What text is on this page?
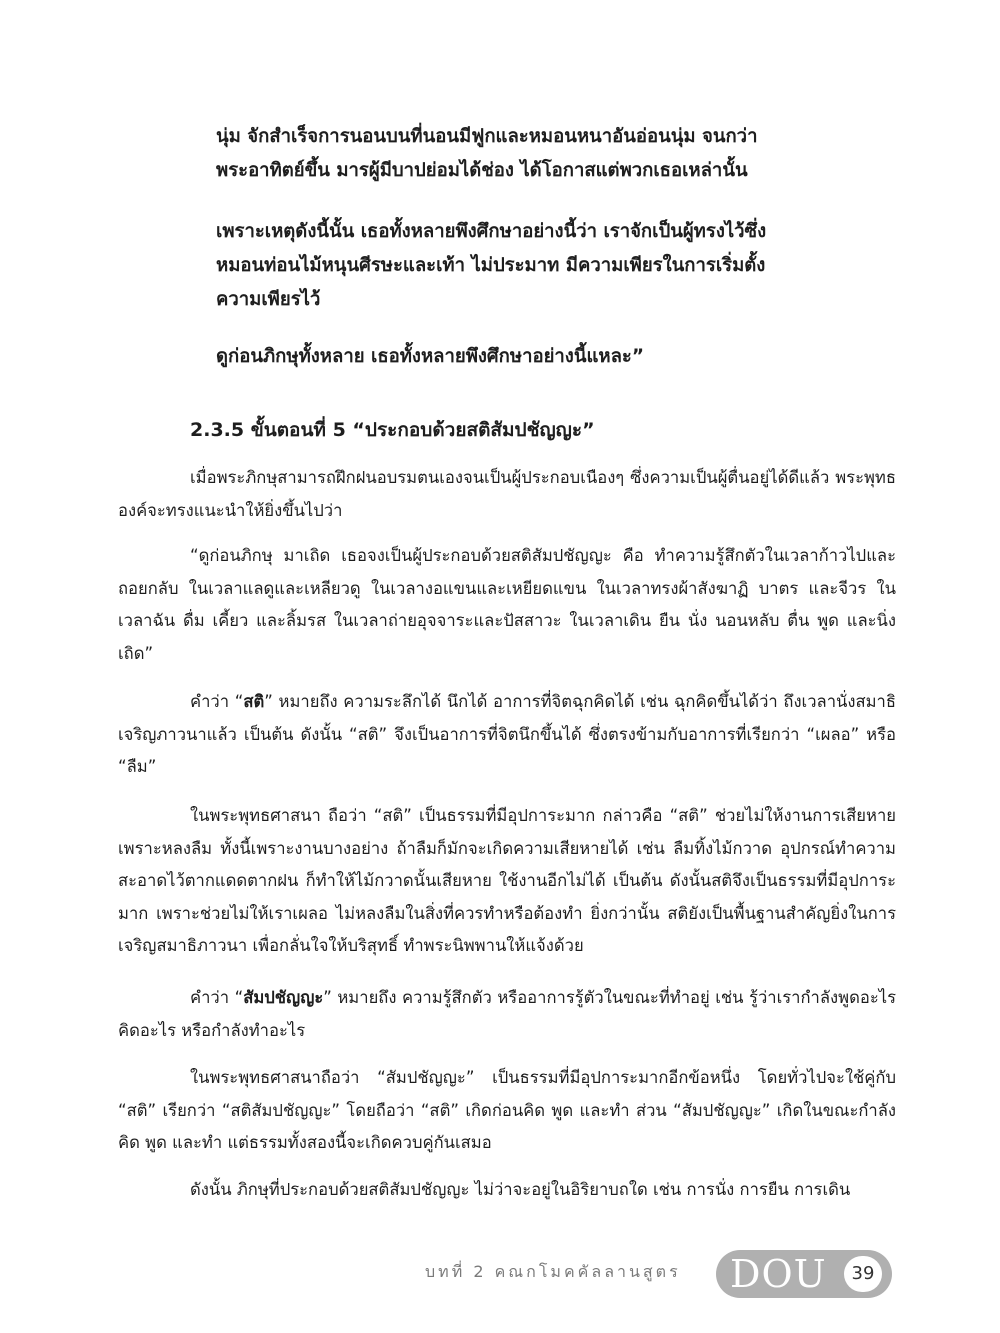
นุ่ม จักสำเร็จการนอนบนที่นอนมีฟูกและหมอนหนาอันอ่อนนุ่ม จนกว่าพระอาทิตย์ขึ้น มารผู้มีบาปย่อมได้ช่อง ได้โอกาสแต่พวกเธอเหล่านั้น

เพราะเหตุดังนี้นั้น เธอทั้งหลายพึงศึกษาอย่างนี้ว่า เราจักเป็นผู้ทรงไว้ซึ่งหมอนท่อนไม้หนุนศีรษะและเท้า ไม่ประมาท มีความเพียรในการเริ่มตั้งความเพียรไว้

ดูก่อนภิกษุทั้งหลาย เธอทั้งหลายพึงศึกษาอย่างนี้แหละ”

2.3.5 ขั้นตอนที่ 5 “ประกอบด้วยสติสัมปชัญญะ”

เมื่อพระภิกษุสามารถฝึกฝนอบรมตนเองจนเป็นผู้ประกอบเนืองๆ ซึ่งความเป็นผู้ตื่นอยู่ได้ดีแล้ว พระพุทธองค์จะทรงแนะนำให้ยิ่งขึ้นไปว่า

“ดูก่อนภิกษุ มาเถิด เธอจงเป็นผู้ประกอบด้วยสติสัมปชัญญะ คือ ทำความรู้สึกตัวในเวลาก้าวไปและถอยกลับ ในเวลาแลดูและเหลียวดู ในเวลางอแขนและเหยียดแขน ในเวลาทรงผ้าสังฆาฏิ บาตร และจีวร ในเวลาฉัน ดื่ม เคี้ยว และลิ้มรส ในเวลาถ่ายอุจจาระและปัสสาวะ ในเวลาเดิน ยืน นั่ง นอนหลับ ตื่น พูด และนิ่งเถิด”

คำว่า “สติ” หมายถึง ความระลึกได้ นึกได้ อาการที่จิตฉุกคิดได้ เช่น ฉุกคิดขึ้นได้ว่า ถึงเวลานั่งสมาธิเจริญภาวนาแล้ว เป็นต้น ดังนั้น “สติ” จึงเป็นอาการที่จิตนึกขึ้นได้ ซึ่งตรงข้ามกับอาการที่เรียกว่า “เผลอ” หรือ “ลืม”

ในพระพุทธศาสนา ถือว่า “สติ” เป็นธรรมที่มีอุปการะมาก กล่าวคือ “สติ” ช่วยไม่ให้งานการเสียหายเพราะหลงลืม ทั้งนี้เพราะงานบางอย่าง ถ้าลืมก็มักจะเกิดความเสียหายได้ เช่น ลืมทิ้งไม้กวาด อุปกรณ์ทำความสะอาดไว้ตากแดดตากฝน ก็ทำให้ไม้กวาดนั้นเสียหาย ใช้งานอีกไม่ได้ เป็นต้น ดังนั้นสติจึงเป็นธรรมที่มีอุปการะมาก เพราะช่วยไม่ให้เราเผลอ ไม่หลงลืมในสิ่งที่ควรทำหรือต้องทำ ยิ่งกว่านั้น สติยังเป็นพื้นฐานสำคัญยิ่งในการเจริญสมาธิภาวนา เพื่อกลั่นใจให้บริสุทธิ์ ทำพระนิพพานให้แจ้งด้วย

คำว่า “สัมปชัญญะ” หมายถึง ความรู้สึกตัว หรืออาการรู้ตัวในขณะที่ทำอยู่ เช่น รู้ว่าเรากำลังพูดอะไร คิดอะไร หรือกำลังทำอะไร

ในพระพุทธศาสนาถือว่า “สัมปชัญญะ” เป็นธรรมที่มีอุปการะมากอีกข้อหนึ่ง โดยทั่วไปจะใช้คู่กับ “สติ” เรียกว่า “สติสัมปชัญญะ” โดยถือว่า “สติ” เกิดก่อนคิด พูด และทำ ส่วน “สัมปชัญญะ” เกิดในขณะกำลังคิด พูด และทำ แต่ธรรมทั้งสองนี้จะเกิดควบคู่กันเสมอ

ดังนั้น ภิกษุที่ประกอบด้วยสติสัมปชัญญะ ไม่ว่าจะอยู่ในอิริยาบถใด เช่น การนั่ง การยืน การเดิน

บทที่ 2 คณกโมคคัลลานสูตร DOU	39
